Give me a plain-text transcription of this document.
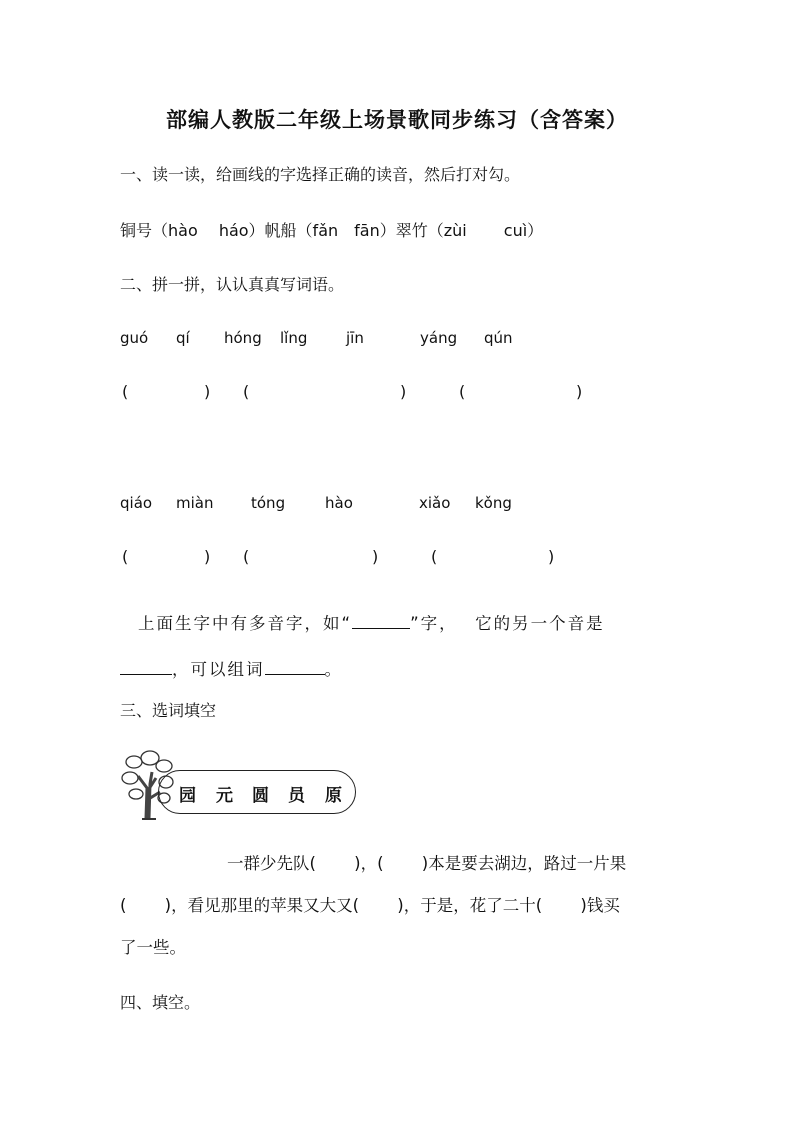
部编人教版二年级上场景歌同步练习（含答案）
一、读一读，给画线的字选择正确的读音，然后打对勾。
铜号（hào　 háo）帆船（fǎn　fān）翠竹（zùi　　 cuì）
二、拼一拼，认认真真写词语。
guó qí hóng lǐng	jīn	yáng qún
(	) (	)	(	)
qiáo miàn	tóng	hào	xiǎo kǒng
(	) (	)	(	)
上面生字中有多音字，如“	”字，　 它的另一个音是
，可以组词	。
三、选词填空
园 元 圆 员 原
一群少先队(　　 )，(　　 )本是要去湖边，路过一片果
(　　 )，看见那里的苹果又大又(　　 )，于是，花了二十(　　 )钱买
了一些。
四、填空。
